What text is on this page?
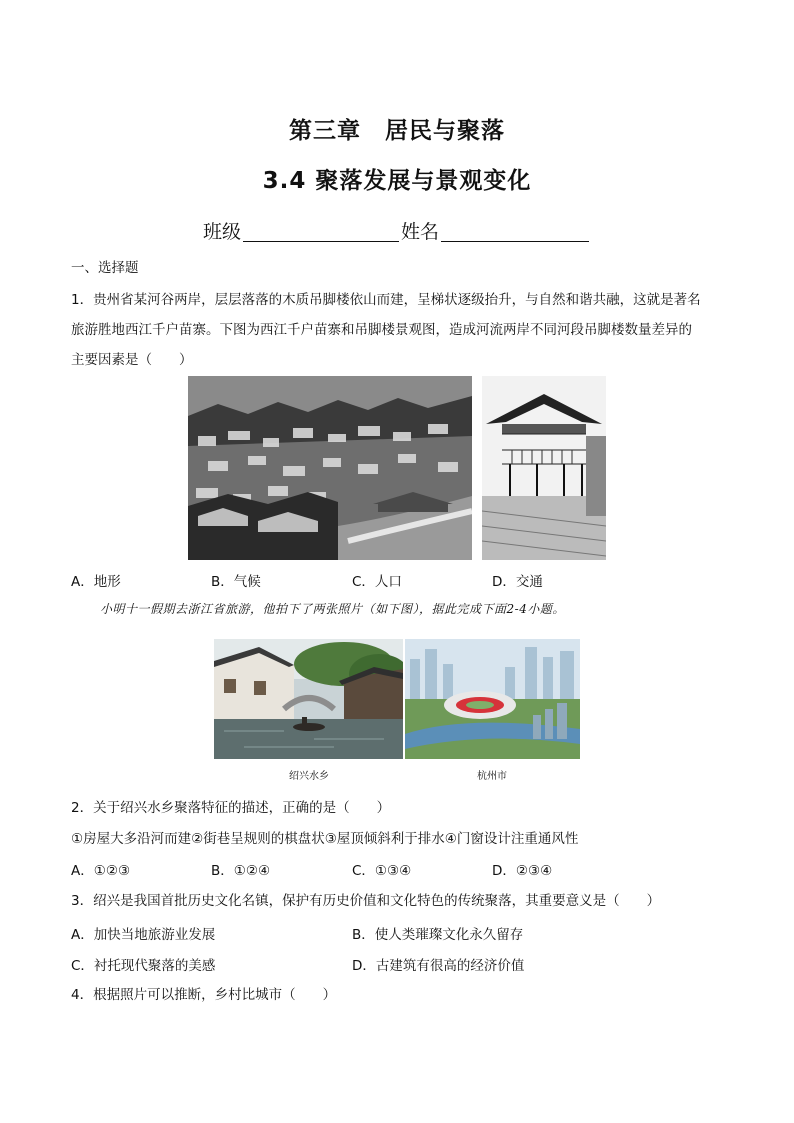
第三章　居民与聚落
3.4 聚落发展与景观变化
班级	姓名
一、选择题
1．贵州省某河谷两岸，层层落落的木质吊脚楼依山而建，呈梯状逐级抬升，与自然和谐共融，这就是著名
旅游胜地西江千户苗寨。下图为西江千户苗寨和吊脚楼景观图，造成河流两岸不同河段吊脚楼数量差异的
主要因素是（　　）
A．地形	B．气候	C．人口	D．交通
小明十一假期去浙江省旅游，他拍下了两张照片（如下图），据此完成下面2-4小题。
绍兴水乡	杭州市
2．关于绍兴水乡聚落特征的描述，正确的是（　　）
①房屋大多沿河而建②街巷呈规则的棋盘状③屋顶倾斜利于排水④门窗设计注重通风性
A．①②③	B．①②④	C．①③④	D．②③④
3．绍兴是我国首批历史文化名镇，保护有历史价值和文化特色的传统聚落，其重要意义是（　　）
A．加快当地旅游业发展	B．使人类璀璨文化永久留存
C．衬托现代聚落的美感	D．古建筑有很高的经济价值
4．根据照片可以推断，乡村比城市（　　）
